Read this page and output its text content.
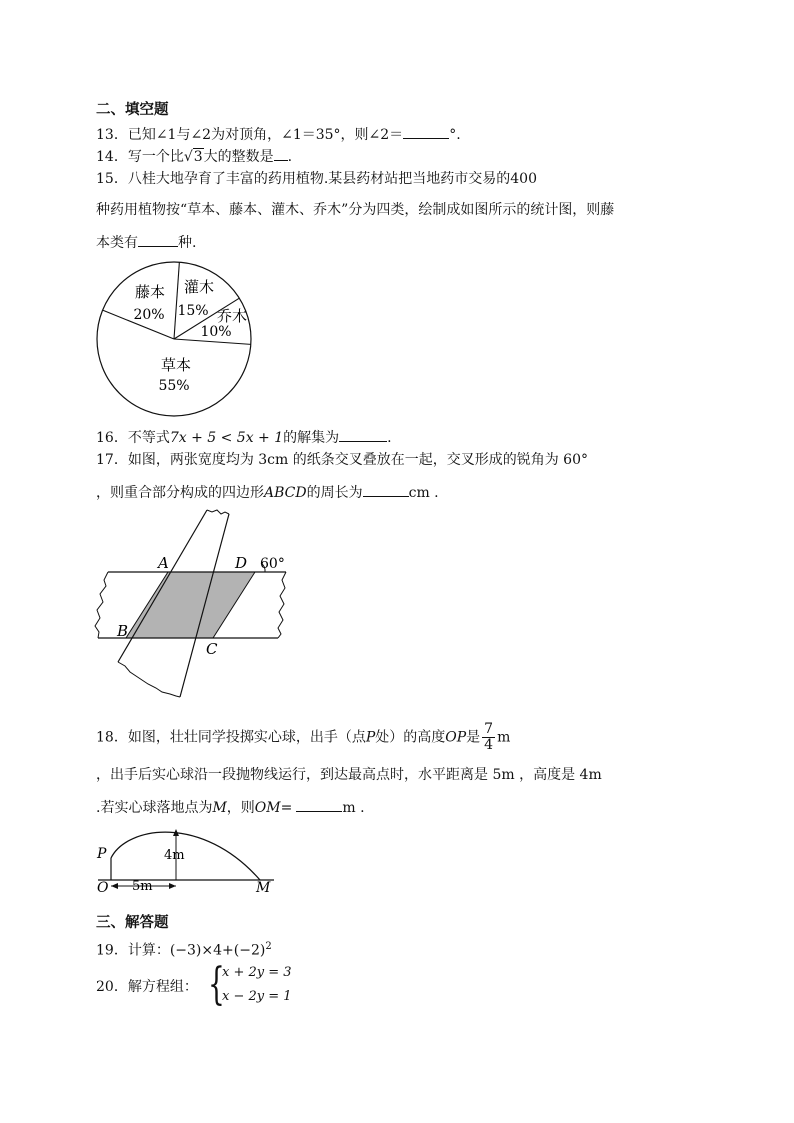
二、填空题
13．已知∠1与∠2为对顶角，∠1＝35°，则∠2＝	°.
14．写一个比√3大的整数是 .
15．八桂大地孕育了丰富的药用植物.某县药材站把当地药市交易的400
种药用植物按“草本、藤本、灌木、乔木”分为四类，绘制成如图所示的统计图，则藤
本类有	种.
藤本
20%
灌木
15% 乔木
10%
草本
55%
16．不等式7x + 5 < 5x + 1的解集为	.
17．如图，两张宽度均为 3cm 的纸条交叉叠放在一起，交叉形成的锐角为 60°
，则重合部分构成的四边形ABCD的周长为	cm .
A	D 60°
B
C
18．如图，壮壮同学投掷实心球，出手（点P处）的高度OP是 $\frac{7}{4}$ m
，出手后实心球沿一段抛物线运行，到达最高点时，水平距离是 5m ，高度是 4m
.若实心球落地点为M，则OM=	m .
P
O	M
4m
5m
三、解答题
19．计算：$(-3)\times 4+(-2)^2$
20．解方程组： {
x + 2y = 3
x − 2y = 1
